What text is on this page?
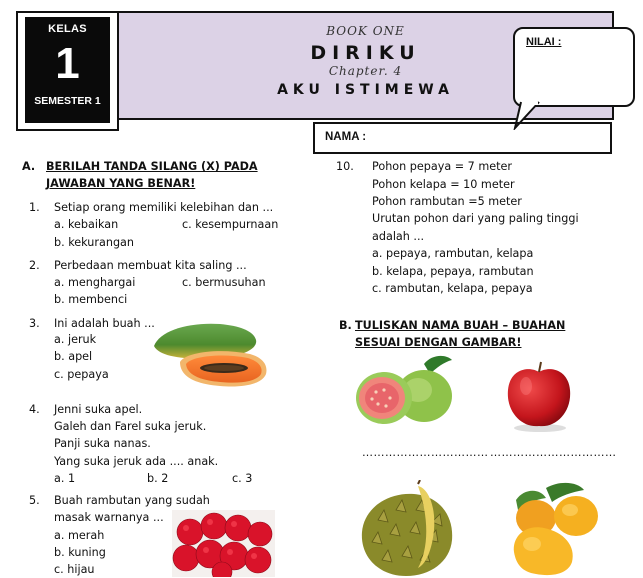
KELAS
1
SEMESTER 1
BOOK ONE
DIRIKU
Chapter. 4
AKU ISTIMEWA
NILAI :
NAMA :
A. BERILAH TANDA SILANG (X) PADA
JAWABAN YANG BENAR!
1. Setiap orang memiliki kelebihan dan ...
a. kebaikan	c. kesempurnaan
b. kekurangan
2. Perbedaan membuat kita saling ...
a. menghargai	c. bermusuhan
b. membenci
3. Ini adalah buah ...
a. jeruk
b. apel
c. pepaya
4. Jenni suka apel.
Galeh dan Farel suka jeruk.
Panji suka nanas.
Yang suka jeruk ada .... anak.
a. 1	b. 2	c. 3
5. Buah rambutan yang sudah
masak warnanya ...
a. merah
b. kuning
c. hijau
10. Pohon pepaya = 7 meter
Pohon kelapa = 10 meter
Pohon rambutan =5 meter
Urutan pohon dari yang paling tinggi
adalah ...
a. pepaya, rambutan, kelapa
b. kelapa, pepaya, rambutan
c. rambutan, kelapa, pepaya
B. TULISKAN NAMA BUAH – BUAHAN
SESUAI DENGAN GAMBAR!
…………………………… ……………………………
